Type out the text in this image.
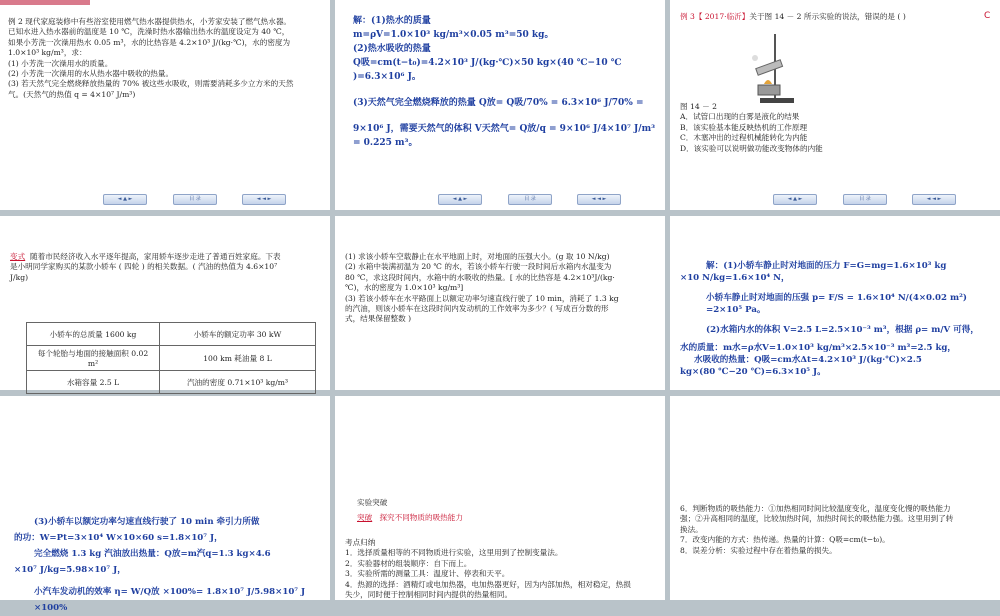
例 2 现代家庭装修中有些浴室使用燃气热水器提供热水，小芳家安装了燃气热水器。
已知水进入热水器前的温度是 10 ℃，洗澡时热水器输出热水的温度设定为 40 ℃，
如果小芳洗一次澡用热水 0.05 m³，水的比热容是 4.2×10³ J/(kg·℃)，水的密度为
1.0×10³ kg/m³，求：
(1) 小芳洗一次澡用水的质量。
(2) 小芳洗一次澡用的水从热水器中吸收的热量。
(3) 若天然气完全燃烧释放热量的 70% 被这些水吸收，则需要消耗多少立方米的天然
气。(天然气的热值 q = 4×10⁷ J/m³)
◄ ▲ ►	目 录	◄ ◄ ►
解：(1)热水的质量
m=ρV=1.0×10³ kg/m³×0.05 m³=50 kg。
(2)热水吸收的热量
Q吸=cm(t−t₀)=4.2×10³ J/(kg·℃)×50 kg×(40 ℃−10 ℃
)=6.3×10⁶ J。
(3)天然气完全燃烧释放的热量 Q放= Q吸/70% = 6.3×10⁶ J/70% =
9×10⁶ J，需要天然气的体积 V天然气= Q放/q = 9×10⁶ J/4×10⁷ J/m³ = 0.225 m³。
◄ ▲ ►	目 录	◄ ◄ ►
例 3【 2017·临沂】关于图 14 － 2 所示实验的说法，错误的是 ( )	C
图 14 － 2
A．试管口出现的白雾是液化的结果
B．该实验基本能反映热机的工作原理
C．木塞冲出的过程机械能转化为内能
D．该实验可以说明做功能改变物体的内能
◄ ▲ ►	目 录	◄ ◄ ►
变式 随着市民经济收入水平逐年提高，家用轿车逐步走进了普通百姓家庭。下表
是小明同学家购买的某款小轿车 ( 四轮 ) 的相关数据。( 汽油的热值为 4.6×10⁷
J/kg)
小轿车的总质量 1600 kg	小轿车的额定功率 30 kW
每个轮胎与地面的接触面积 0.02 m²	100 km 耗油量 8 L
水箱容量 2.5 L	汽油的密度 0.71×10³ kg/m³
(1) 求该小轿车空载静止在水平地面上时，对地面的压强大小。(g 取 10 N/kg)
(2) 水箱中装满初温为 20 ℃ 的水，若该小轿车行驶一段时间后水箱内水温变为
80 ℃，求这段时间内，水箱中的水吸收的热量。[ 水的比热容是 4.2×10³J/(kg·
℃)，水的密度为 1.0×10³ kg/m³]
(3) 若该小轿车在水平路面上以额定功率匀速直线行驶了 10 min，消耗了 1.3 kg
的汽油，则该小轿车在这段时间内发动机的工作效率为多少？( 写成百分数的形
式，结果保留整数 )
解：(1)小轿车静止时对地面的压力 F=G=mg=1.6×10³ kg
×10 N/kg=1.6×10⁴ N，
小轿车静止时对地面的压强 p= F/S = 1.6×10⁴ N/(4×0.02 m²) =2×10⁵ Pa。
(2)水箱内水的体积 V=2.5 L=2.5×10⁻³ m³，根据 ρ= m/V 可得，
水的质量：m水=ρ水V=1.0×10³ kg/m³×2.5×10⁻³ m³=2.5 kg，
水吸收的热量：Q吸=cm水Δt=4.2×10³ J/(kg·℃)×2.5
kg×(80 ℃−20 ℃)=6.3×10⁵ J。
(3)小轿车以额定功率匀速直线行驶了 10 min 牵引力所做
的功：W=Pt=3×10⁴ W×10×60 s=1.8×10⁷ J，
完全燃烧 1.3 kg 汽油放出热量：Q放=m汽q=1.3 kg×4.6
×10⁷ J/kg=5.98×10⁷ J，
小汽车发动机的效率 η= W/Q放 ×100%= 1.8×10⁷ J/5.98×10⁷ J ×100%
实验突破
突破 探究不同物质的吸热能力
考点归纳
1．选择质量相等的不同物质进行实验，这里用到了控制变量法。
2．实验器材的组装顺序：自下而上。
3．实验所需的测量工具：温度计、停表和天平。
4．热源的选择：酒精灯或电加热器，电加热器更好，因为内部加热，相对稳定，热损
失少，同时便于控制相同时间内提供的热量相同。
6．判断物质的吸热能力：①加热相同时间比较温度变化，温度变化慢的吸热能力
强；②升高相同的温度，比较加热时间，加热时间长的吸热能力强。这里用到了转
换法。
7．改变内能的方式：热传递。热量的计算：Q吸=cm(t−t₀)。
8．误差分析：实验过程中存在着热量的损失。
